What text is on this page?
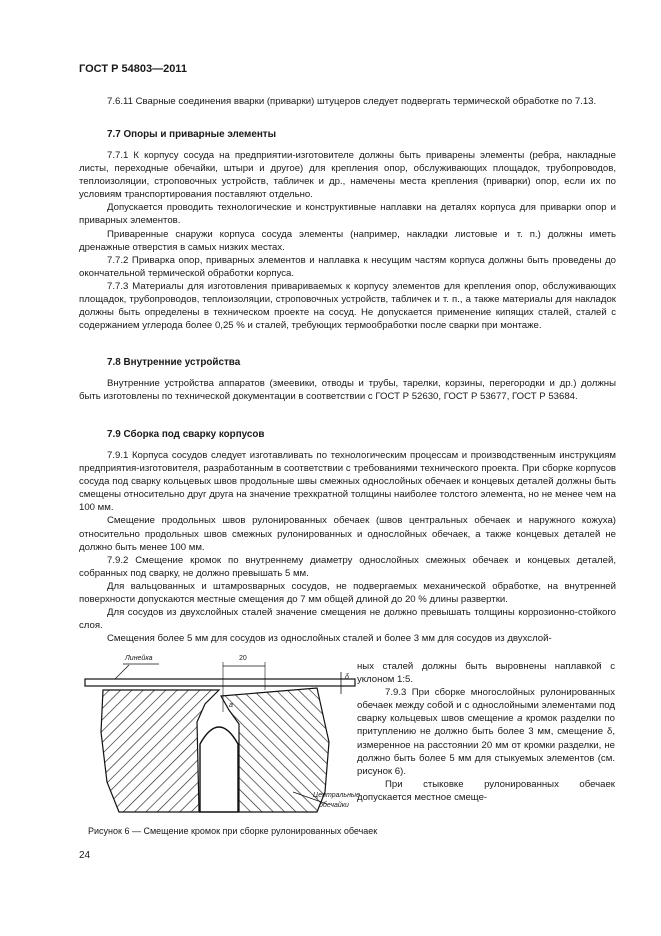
ГОСТ Р 54803—2011

7.6.11 Сварные соединения вварки (приварки) штуцеров следует подвергать термической обработке по 7.13.

7.7 Опоры и приварные элементы

7.7.1 К корпусу сосуда на предприятии-изготовителе должны быть приварены элементы (ребра, накладные листы, переходные обечайки, штыри и другое) для крепления опор, обслуживающих площадок, трубопроводов, теплоизоляции, строповочных устройств, табличек и др., намечены места крепления (приварки) опор, если их по условиям транспортирования поставляют отдельно.

Допускается проводить технологические и конструктивные наплавки на деталях корпуса для приварки опор и приварных элементов.

Приваренные снаружи корпуса сосуда элементы (например, накладки листовые и т. п.) должны иметь дренажные отверстия в самых низких местах.

7.7.2 Приварка опор, приварных элементов и наплавка к несущим частям корпуса должны быть проведены до окончательной термической обработки корпуса.

7.7.3 Материалы для изготовления привариваемых к корпусу элементов для крепления опор, обслуживающих площадок, трубопроводов, теплоизоляции, строповочных устройств, табличек и т. п., а также материалы для накладок должны быть определены в техническом проекте на сосуд. Не допускается применение кипящих сталей, сталей с содержанием углерода более 0,25 % и сталей, требующих термообработки после сварки при монтаже.

7.8 Внутренние устройства

Внутренние устройства аппаратов (змеевики, отводы и трубы, тарелки, корзины, перегородки и др.) должны быть изготовлены по технической документации в соответствии с ГОСТ Р 52630, ГОСТ Р 53677, ГОСТ Р 53684.

7.9 Сборка под сварку корпусов

7.9.1 Корпуса сосудов следует изготавливать по технологическим процессам и производственным инструкциям предприятия-изготовителя, разработанным в соответствии с требованиями технического проекта. При сборке корпусов сосуда под сварку кольцевых швов продольные швы смежных однослойных обечаек и концевых деталей должны быть смещены относительно друг друга на значение трехкратной толщины наиболее толстого элемента, но не менее чем на 100 мм.

Смещение продольных швов рулонированных обечаек (швов центральных обечаек и наружного кожуха) относительно продольных швов смежных рулонированных и однослойных обечаек, а также концевых деталей не должно быть менее 100 мм.

7.9.2 Смещение кромок по внутреннему диаметру однослойных смежных обечаек и концевых деталей, собранных под сварку, не должно превышать 5 мм.

Для вальцованных и штамposварных сосудов, не подвергаемых механической обработке, на внутренней поверхности допускаются местные смещения до 7 мм общей длиной до 20 % длины развертки.

Для сосудов из двухслойных сталей значение смещения не должно превышать толщины коррозионно-стойкого слоя.

Смещения более 5 мм для сосудов из однослойных сталей и более 3 мм для сосудов из двухслой-

ных сталей должны быть выровнены наплавкой с уклоном 1:5.

7.9.3 При сборке многослойных рулонированных обечаек между собой и с однослойными элементами под сварку кольцевых швов смещение а кромок разделки по притуплению не должно быть более 3 мм, смещение δ, измеренное на расстоянии 20 мм от кромки разделки, не должно быть более 5 мм для стыкуемых элементов (см. рисунок 6).

При стыковке рулонированных обечаек допускается местное смеще-

Линейка	20
δ
а
Центральные
обечайки
Рисунок 6 — Смещение кромок при сборке рулонированных обечаек
24
